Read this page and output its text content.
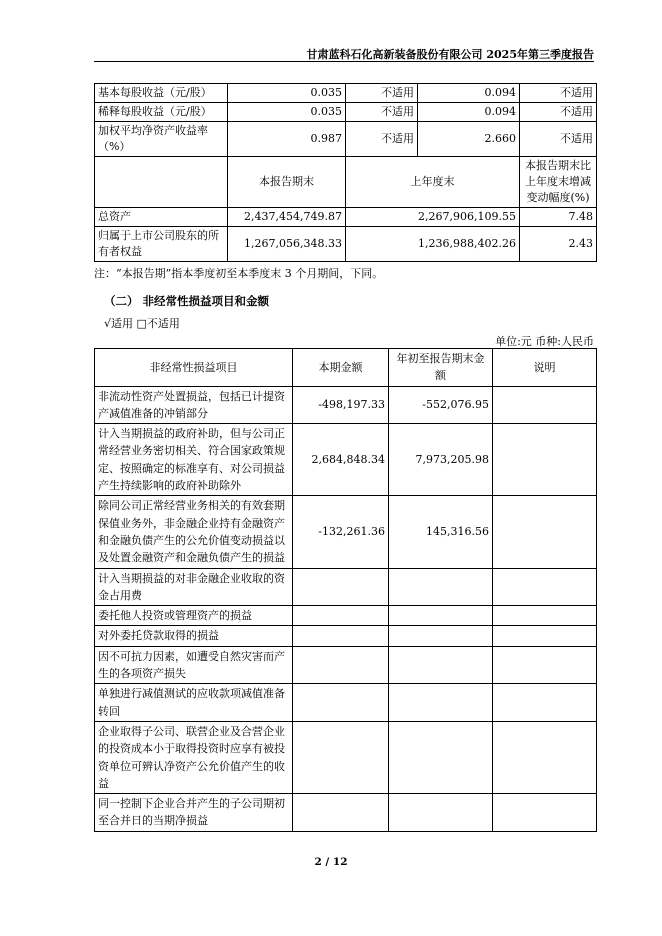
甘肃蓝科石化高新装备股份有限公司 2025年第三季度报告
基本每股收益（元/股）	0.035	不适用	0.094	不适用
稀释每股收益（元/股）	0.035	不适用	0.094	不适用
加权平均净资产收益率（%）	0.987	不适用	2.660	不适用
	本报告期末	上年度末		本报告期末比上年度末增减变动幅度(%)
总资产	2,437,454,749.87	2,267,906,109.55		7.48
归属于上市公司股东的所有者权益	1,267,056,348.33	1,236,988,402.26		2.43
注：“本报告期”指本季度初至本季度末 3 个月期间，下同。
（二） 非经常性损益项目和金额
√适用 □不适用
单位:元 币种:人民币
非经常性损益项目	本期金额	年初至报告期末金额	说明
非流动性资产处置损益，包括已计提资产减值准备的冲销部分	-498,197.33	-552,076.95	
计入当期损益的政府补助，但与公司正常经营业务密切相关、符合国家政策规定、按照确定的标准享有、对公司损益产生持续影响的政府补助除外	2,684,848.34	7,973,205.98	
除同公司正常经营业务相关的有效套期保值业务外，非金融企业持有金融资产和金融负债产生的公允价值变动损益以及处置金融资产和金融负债产生的损益	-132,261.36	145,316.56	
计入当期损益的对非金融企业收取的资金占用费			
委托他人投资或管理资产的损益			
对外委托贷款取得的损益			
因不可抗力因素，如遭受自然灾害而产生的各项资产损失			
单独进行减值测试的应收款项减值准备转回			
企业取得子公司、联营企业及合营企业的投资成本小于取得投资时应享有被投资单位可辨认净资产公允价值产生的收益			
同一控制下企业合并产生的子公司期初至合并日的当期净损益			
2 / 12
